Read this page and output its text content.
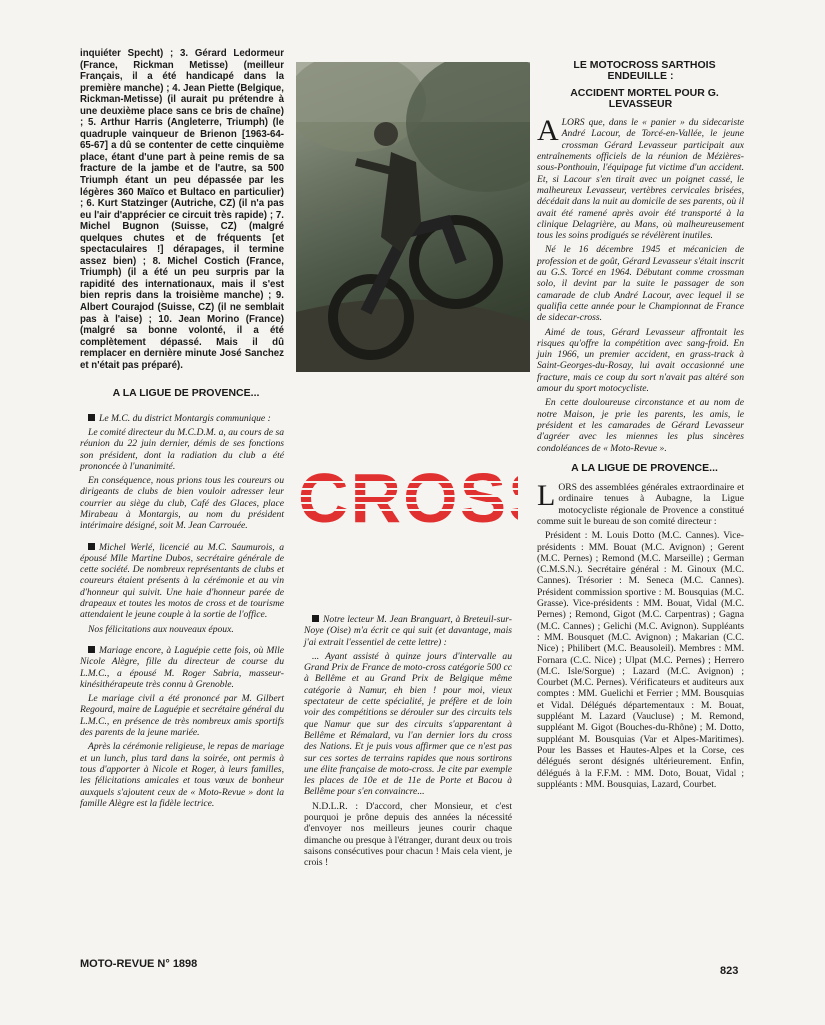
inquiéter Specht) ; 3. Gérard Ledormeur (France, Rickman Metisse) (meilleur Français, il a été handicapé dans la première manche) ; 4. Jean Piette (Belgique, Rickman-Metisse) (il aurait pu prétendre à une deuxième place sans ce bris de chaîne) ; 5. Arthur Harris (Angleterre, Triumph) (le quadruple vainqueur de Brienon [1963-64-65-67] a dû se contenter de cette cinquième place, étant d'une part à peine remis de sa fracture de la jambe et de l'autre, sa 500 Triumph étant un peu dépassée par les légères 360 Maïco et Bultaco en particulier) ; 6. Kurt Statzinger (Autriche, CZ) (il n'a pas eu l'air d'apprécier ce circuit très rapide) ; 7. Michel Bugnon (Suisse, CZ) (malgré quelques chutes et de fréquents [et spectaculaires !] dérapages, il termine assez bien) ; 8. Michel Costich (France, Triumph) (il a été un peu surpris par la rapidité des internationaux, mais il s'est bien repris dans la troisième manche) ; 9. Albert Courajod (Suisse, CZ) (il ne semblait pas à l'aise) ; 10. Jean Morino (France) (malgré sa bonne volonté, il a été complètement dépassé. Mais il dû remplacer en dernière minute José Sanchez et n'était pas préparé).

A LA LIGUE DE PROVENCE...

Le M.C. du district Montargis communique :

Le comité directeur du M.C.D.M. a, au cours de sa réunion du 22 juin dernier, démis de ses fonctions son président, dont la radiation du club a été prononcée à l'unanimité.

En conséquence, nous prions tous les coureurs ou dirigeants de clubs de bien vouloir adresser leur courrier au siège du club, Café des Glaces, place Mirabeau à Montargis, au nom du président intérimaire désigné, soit M. Jean Carrouée.

Michel Werlé, licencié au M.C. Saumurois, a épousé Mlle Martine Dubos, secrétaire générale de cette société. De nombreux représentants de clubs et coureurs étaient présents à la cérémonie et au vin d'honneur qui suivit. Une haie d'honneur parée de drapeaux et toutes les motos de cross et de tourisme attendaient le jeune couple à la sortie de l'office.

Nos félicitations aux nouveaux époux.

Mariage encore, à Laguépie cette fois, où Mlle Nicole Alègre, fille du directeur de course du L.M.C., a épousé M. Roger Sabria, masseur-kinésithérapeute très connu à Grenoble.

Le mariage civil a été prononcé par M. Gilbert Regourd, maire de Laguépie et secrétaire général du L.M.C., en présence de très nombreux amis sportifs des parents de la jeune mariée.

Après la cérémonie religieuse, le repas de mariage et un lunch, plus tard dans la soirée, ont permis à tous d'apporter à Nicole et Roger, à leurs familles, les félicitations amicales et tous vœux de bonheur auxquels s'ajoutent ceux de « Moto-Revue » dont la famille Alègre est la fidèle lectrice.

CROS

Notre lecteur M. Jean Branguart, à Breteuil-sur-Noye (Oise) m'a écrit ce qui suit (et davantage, mais j'ai extrait l'essentiel de cette lettre) :

... Ayant assisté à quinze jours d'intervalle au Grand Prix de France de moto-cross catégorie 500 cc à Bellême et au Grand Prix de Belgique même catégorie à Namur, eh bien ! pour moi, vieux spectateur de cette spécialité, je préfère et de loin voir des compétitions se dérouler sur des circuits tels que Namur que sur des circuits s'apparentant à Bellême et Rémalard, vu l'an dernier lors du cross des Nations. Et je puis vous affirmer que ce n'est pas sur ces sortes de terrains rapides que nous sortirons une élite française de moto-cross. Je cite par exemple les places de 10e et de 11e de Porte et Bacou à Bellême pour s'en convaincre...

N.D.L.R. : D'accord, cher Monsieur, et c'est pourquoi je prône depuis des années la nécessité d'envoyer nos meilleurs jeunes courir chaque dimanche ou presque à l'étranger, durant deux ou trois saisons consécutives pour chacun ! Mais cela vient, je crois !

LE MOTOCROSS SARTHOIS ENDEUILLE :

ACCIDENT MORTEL POUR G. LEVASSEUR

ALORS que, dans le « panier » du sidecariste André Lacour, de Torcé-en-Vallée, le jeune crossman Gérard Levasseur participait aux entraînements officiels de la réunion de Mézières-sous-Ponthouin, l'équipage fut victime d'un accident. Et, si Lacour s'en tirait avec un poignet cassé, le malheureux Levasseur, vertèbres cervicales brisées, décédait dans la nuit au domicile de ses parents, où il avait été ramené après avoir été transporté à la clinique Delagrière, au Mans, où malheureusement tous les soins prodigués se révélèrent inutiles.

Né le 16 décembre 1945 et mécanicien de profession et de goût, Gérard Levasseur s'était inscrit au G.S. Torcé en 1964. Débutant comme crossman solo, il devint par la suite le passager de son camarade de club André Lacour, avec lequel il se qualifia cette année pour le Championnat de France de sidecar-cross.

Aimé de tous, Gérard Levasseur affrontait les risques qu'offre la compétition avec sang-froid. En juin 1966, un premier accident, en grass-track à Saint-Georges-du-Rosay, lui avait occasionné une fracture, mais ce coup du sort n'avait pas altéré son amour du sport motocycliste.

En cette douloureuse circonstance et au nom de notre Maison, je prie les parents, les amis, le président et les camarades de Gérard Levasseur d'agréer avec les miennes les plus sincères condoléances de « Moto-Revue ».

A LA LIGUE DE PROVENCE...

LORS des assemblées générales extraordinaire et ordinaire tenues à Aubagne, la Ligue motocycliste régionale de Provence a constitué comme suit le bureau de son comité directeur :

Président : M. Louis Dotto (M.C. Cannes). Vice-présidents : MM. Bouat (M.C. Avignon) ; Gerent (M.C. Pernes) ; Remond (M.C. Marseille) ; German (C.M.S.N.). Secrétaire général : M. Ginoux (M.C. Cannes). Trésorier : M. Seneca (M.C. Cannes). Président commission sportive : M. Bousquias (M.C. Grasse). Vice-présidents : MM. Bouat, Vidal (M.C. Pernes) ; Remond, Gigot (M.C. Carpentras) ; Gagna (M.C. Cannes) ; Gelichi (M.C. Avignon). Suppléants : MM. Bousquet (M.C. Avignon) ; Makarian (C.C. Nice) ; Philibert (M.C. Beausoleil). Membres : MM. Fornara (C.C. Nice) ; Ulpat (M.C. Pernes) ; Herrero (M.C. Isle/Sorgue) ; Lazard (M.C. Avignon) ; Courbet (M.C. Pernes). Vérificateurs et auditeurs aux comptes : MM. Guelichi et Ferrier ; MM. Bousquias et Vidal. Délégués départementaux : M. Bouat, suppléant M. Lazard (Vaucluse) ; M. Remond, suppléant M. Gigot (Bouches-du-Rhône) ; M. Dotto, suppléant M. Bousquias (Var et Alpes-Maritimes). Pour les Basses et Hautes-Alpes et la Corse, ces délégués seront désignés ultérieurement. Enfin, délégués à la F.F.M. : MM. Doto, Bouat, Vidal ; suppléants : MM. Bousquias, Lazard, Courbet.

MOTO-REVUE N° 1898
823
